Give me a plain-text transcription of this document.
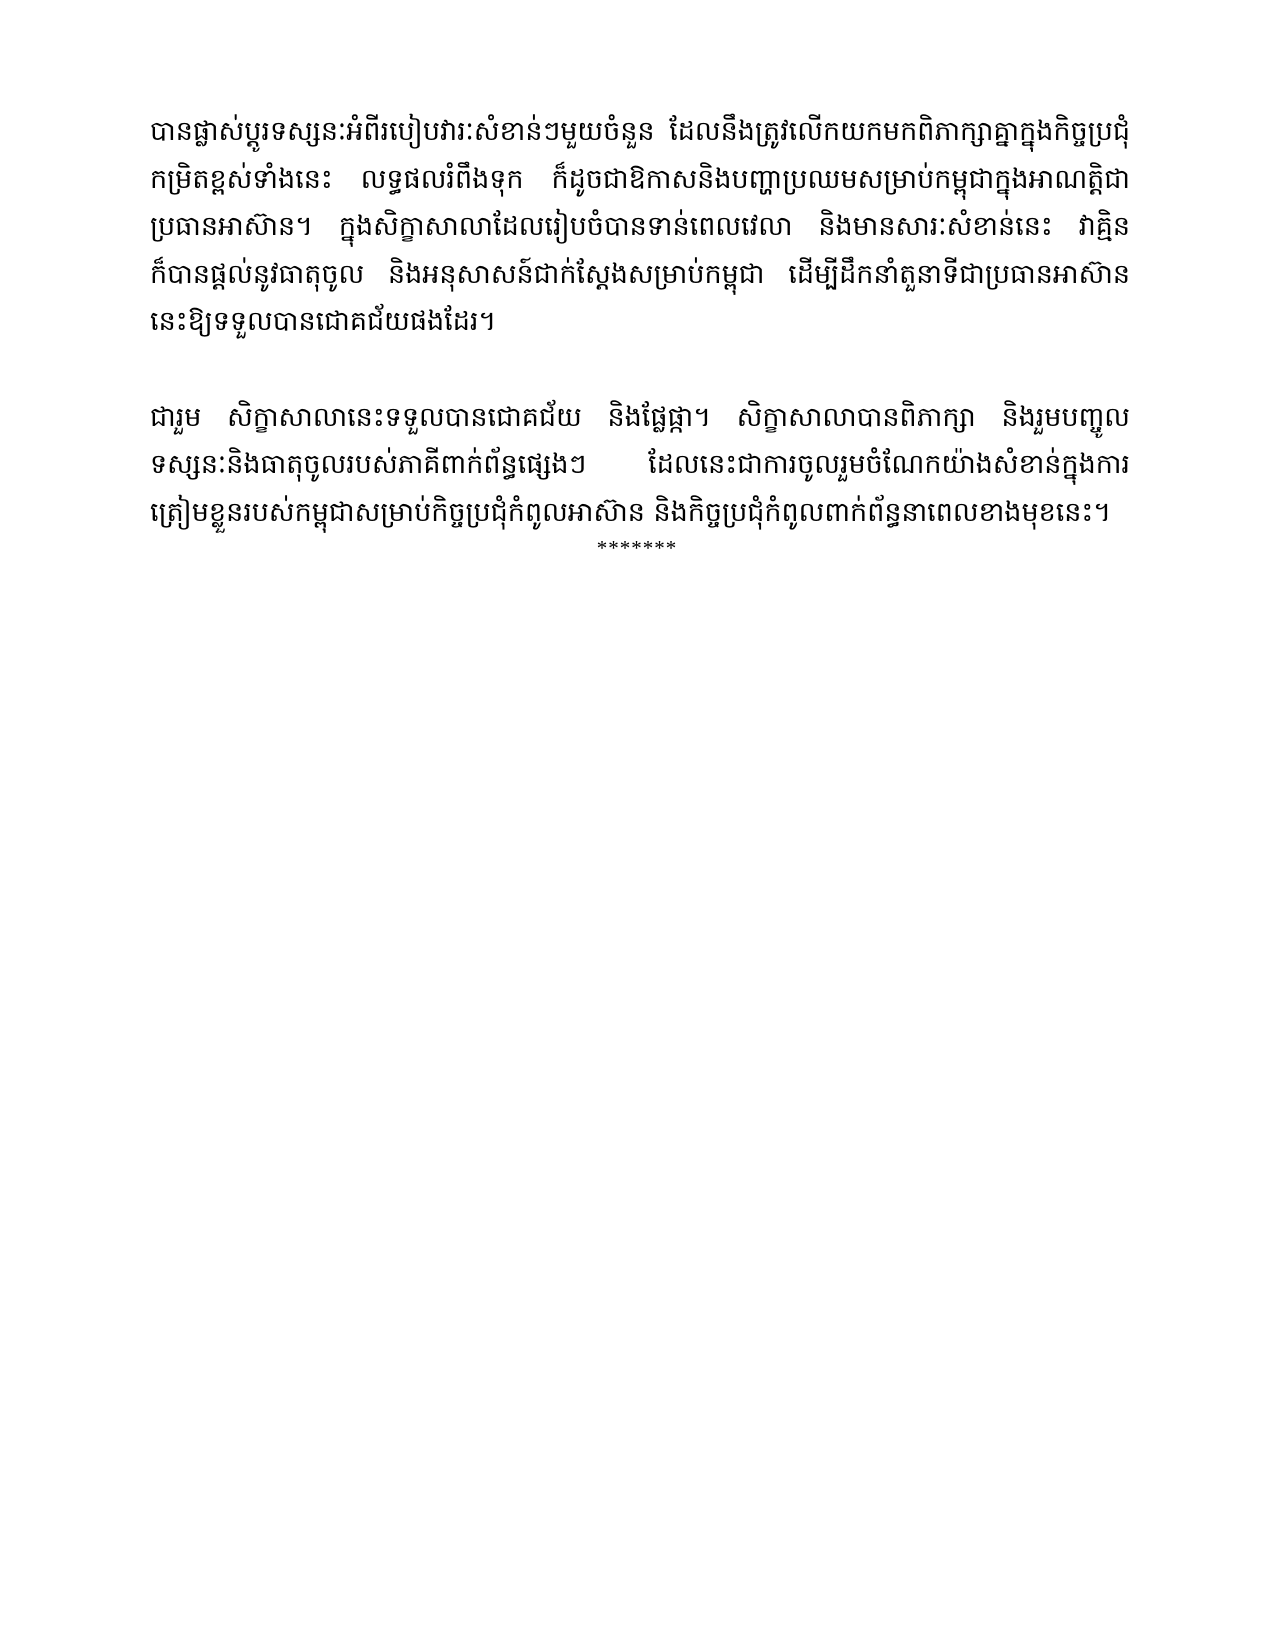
បានផ្លាស់ប្តូរទស្សនៈអំពីរបៀបវារៈសំខាន់ៗមួយចំនួន ដែលនឹងត្រូវលើកយកមកពិភាក្សាគ្នាក្នុងកិច្ចប្រជុំកម្រិតខ្ពស់ទាំងនេះ លទ្ធផលរំពឹងទុក ក៏ដូចជាឱកាសនិងបញ្ហាប្រឈមសម្រាប់កម្ពុជាក្នុងអាណត្តិជាប្រធានអាស៊ាន។ ក្នុងសិក្ខាសាលាដែលរៀបចំបានទាន់ពេលវេលា និងមានសារៈសំខាន់នេះ វាគ្មិនក៏បានផ្តល់នូវធាតុចូល និងអនុសាសន៍ជាក់ស្តែងសម្រាប់កម្ពុជា ដើម្បីដឹកនាំតួនាទីជាប្រធានអាស៊ាននេះឱ្យទទួលបានជោគជ័យផងដែរ។

ជារួម សិក្ខាសាលានេះទទួលបានជោគជ័យ និងផ្លែផ្កា។ សិក្ខាសាលាបានពិភាក្សា និងរួមបញ្ចូលទស្សនៈនិងធាតុចូលរបស់ភាគីពាក់ព័ន្ធផ្សេងៗ ដែលនេះជាការចូលរួមចំណែកយ៉ាងសំខាន់ក្នុងការត្រៀមខ្លួនរបស់កម្ពុជាសម្រាប់កិច្ចប្រជុំកំពូលអាស៊ាន និងកិច្ចប្រជុំកំពូលពាក់ព័ន្ធនាពេលខាងមុខនេះ។

*******
